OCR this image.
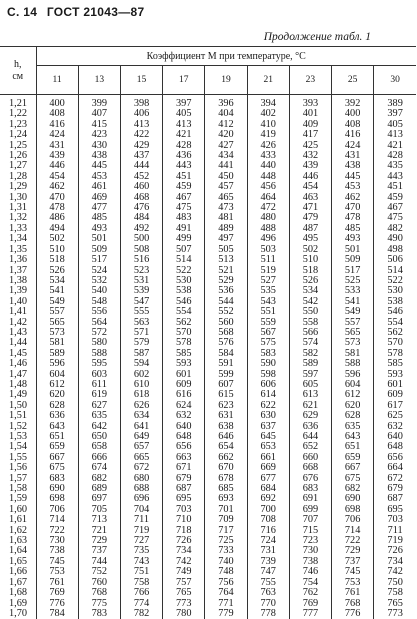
С. 14 ГОСТ 21043—87
Продолжение табл. 1
h,
см	Коэффициент M при температуре, °С								
	11	13	15	17	19	21	23	25	30
1,21	400	399	398	397	396	394	393	392	389
1,22	408	407	406	405	404	402	401	400	397
1,23	416	415	413	413	412	410	409	408	405
1,24	424	423	422	421	420	419	417	416	413
1,25	431	430	429	428	427	426	425	424	421
1,26	439	438	437	436	434	433	432	431	428
1,27	446	445	444	443	441	440	439	438	435
1,28	454	453	452	451	450	448	446	445	443
1,29	462	461	460	459	457	456	454	453	451
1,30	470	469	468	467	465	464	463	462	459
1,31	478	477	476	475	473	472	471	470	467
1,32	486	485	484	483	481	480	479	478	475
1,33	494	493	492	491	489	488	487	485	482
1,34	502	501	500	499	497	496	495	493	490
1,35	510	509	508	507	505	503	502	501	498
1,36	518	517	516	514	513	511	510	509	506
1,37	526	524	523	522	521	519	518	517	514
1,38	534	532	531	530	529	527	526	525	522
1,39	541	540	539	538	536	535	534	533	530
1,40	549	548	547	546	544	543	542	541	538
1,41	557	556	555	554	552	551	550	549	546
1,42	565	564	563	562	560	559	558	557	554
1,43	573	572	571	570	568	567	566	565	562
1,44	581	580	579	578	576	575	574	573	570
1,45	589	588	587	585	584	583	582	581	578
1,46	596	595	594	593	591	590	589	588	585
1,47	604	603	602	601	599	598	597	596	593
1,48	612	611	610	609	607	606	605	604	601
1,49	620	619	618	616	615	614	613	612	609
1,50	628	627	626	624	623	622	621	620	617
1,51	636	635	634	632	631	630	629	628	625
1,52	643	642	641	640	638	637	636	635	632
1,53	651	650	649	648	646	645	644	643	640
1,54	659	658	657	656	654	653	652	651	648
1,55	667	666	665	663	662	661	660	659	656
1,56	675	674	672	671	670	669	668	667	664
1,57	683	682	680	679	678	677	676	675	672
1,58	690	689	688	687	685	684	683	682	679
1,59	698	697	696	695	693	692	691	690	687
1,60	706	705	704	703	701	700	699	698	695
1,61	714	713	711	710	709	708	707	706	703
1,62	722	721	719	718	717	716	715	714	711
1,63	730	729	727	726	725	724	723	722	719
1,64	738	737	735	734	733	731	730	729	726
1,65	745	744	743	742	740	739	738	737	734
1,66	753	752	751	749	748	747	746	745	742
1,67	761	760	758	757	756	755	754	753	750
1,68	769	768	766	765	764	763	762	761	758
1,69	776	775	774	773	771	770	769	768	765
1,70	784	783	782	780	779	778	777	776	773
